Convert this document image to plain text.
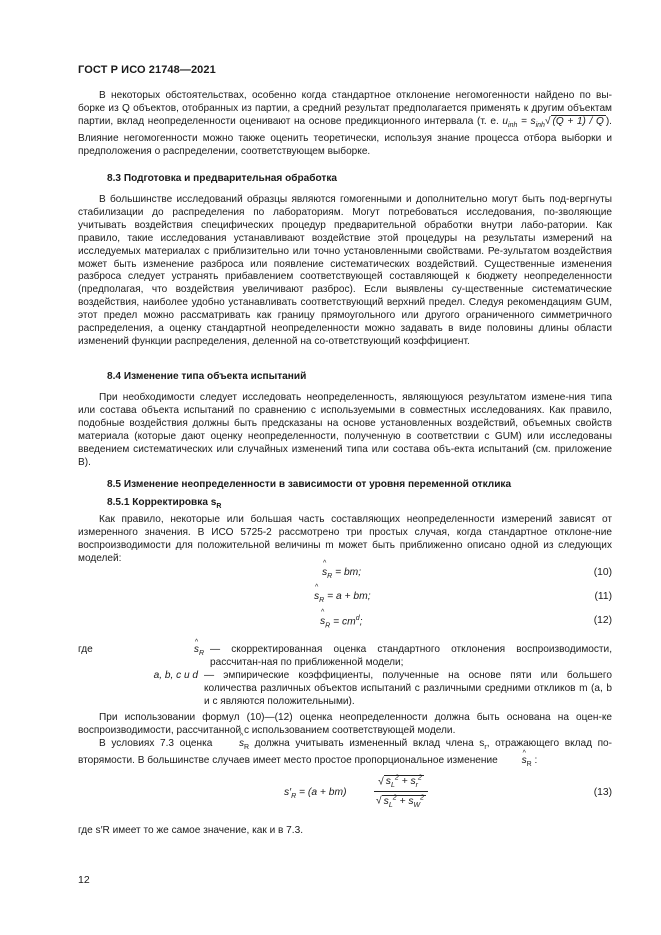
ГОСТ Р ИСО 21748—2021

В некоторых обстоятельствах, особенно когда стандартное отклонение негомогенности найдено по вы-борке из Q объектов, отобранных из партии, а средний результат предполагается применять к другим объектам партии, вклад неопределенности оценивают на основе предикционного интервала (т. е. $u_{inh} = s_{inh}√$ (Q + 1) / Q ). Влияние негомогенности можно также оценить теоретически, используя знание процесса отбора выборки и предположения о распределении, соответствующем выборке.

8.3 Подготовка и предварительная обработка

В большинстве исследований образцы являются гомогенными и дополнительно могут быть под-вергнуты стабилизации до распределения по лабораториям. Могут потребоваться исследования, по-зволяющие учитывать воздействия специфических процедур предварительной обработки внутри лабо-ратории. Как правило, такие исследования устанавливают воздействие этой процедуры на результаты измерений на исследуемых материалах с приблизительно или точно установленными свойствами. Ре-зультатом воздействия может быть изменение разброса или появление систематических воздействий. Существенные изменения разброса следует устранять прибавлением соответствующей составляющей к бюджету неопределенности (предполагая, что воздействия увеличивают разброс). Если выявлены су-щественные систематические воздействия, наиболее удобно устанавливать соответствующий верхний предел. Следуя рекомендациям GUM, этот предел можно рассматривать как границу прямоугольного или другого ограниченного симметричного распределения, а оценку стандартной неопределенности можно задавать в виде половины длины области изменений функции распределения, деленной на со-ответствующий коэффициент.

8.4 Изменение типа объекта испытаний

При необходимости следует исследовать неопределенность, являющуюся результатом измене-ния типа или состава объекта испытаний по сравнению с используемыми в совместных исследованиях. Как правило, подобные воздействия должны быть предсказаны на основе установленных воздействий, объемных свойств материала (которые дают оценку неопределенности, полученную в соответствии с GUM) или исследованы введением систематических или случайных изменений типа или состава объ-екта испытаний (см. приложение В).

8.5 Изменение неопределенности в зависимости от уровня переменной отклика

8.5.1 Корректировка $s_R$

Как правило, некоторые или большая часть составляющих неопределенности измерений зависят от измеренного значения. В ИСО 5725-2 рассмотрено три простых случая, когда стандартное отклоне-ние воспроизводимости для положительной величины m может быть приближенно описано одной из следующих моделей:

^ $s_R$ = bm;	(10)
^ $s_R = a$ + bm;	(11)
^ $s_R = cm^d$;	(12)
где	^ $s_R$ — скорректированная оценка стандартного отклонения воспроизводимости, рассчитан-ная по приближенной модели;
a, b, c и d — эмпирические коэффициенты, полученные на основе пяти или большего количества различных объектов испытаний с различными средними откликов m (a, b и c являются положительными).

При использовании формул (10)—(12) оценка неопределенности должна быть основана на оцен-ке воспроизводимости, рассчитанной с использованием соответствующей модели.

В условиях 7.3 оценка	^ $s_R$ должна учитывать измененный вклад члена $s_r$, отражающего вклад по-вторямости. В большинстве случаев имеет место простое пропорциональное изменение ^ $s_R$ :

$s'_R = (a + bm) \frac{√ s_L^2 + s_r^2}{√ s_L^2 + s_W^2}$	(13)

где s′R имеет то же самое значение, как и в 7.3.

12
